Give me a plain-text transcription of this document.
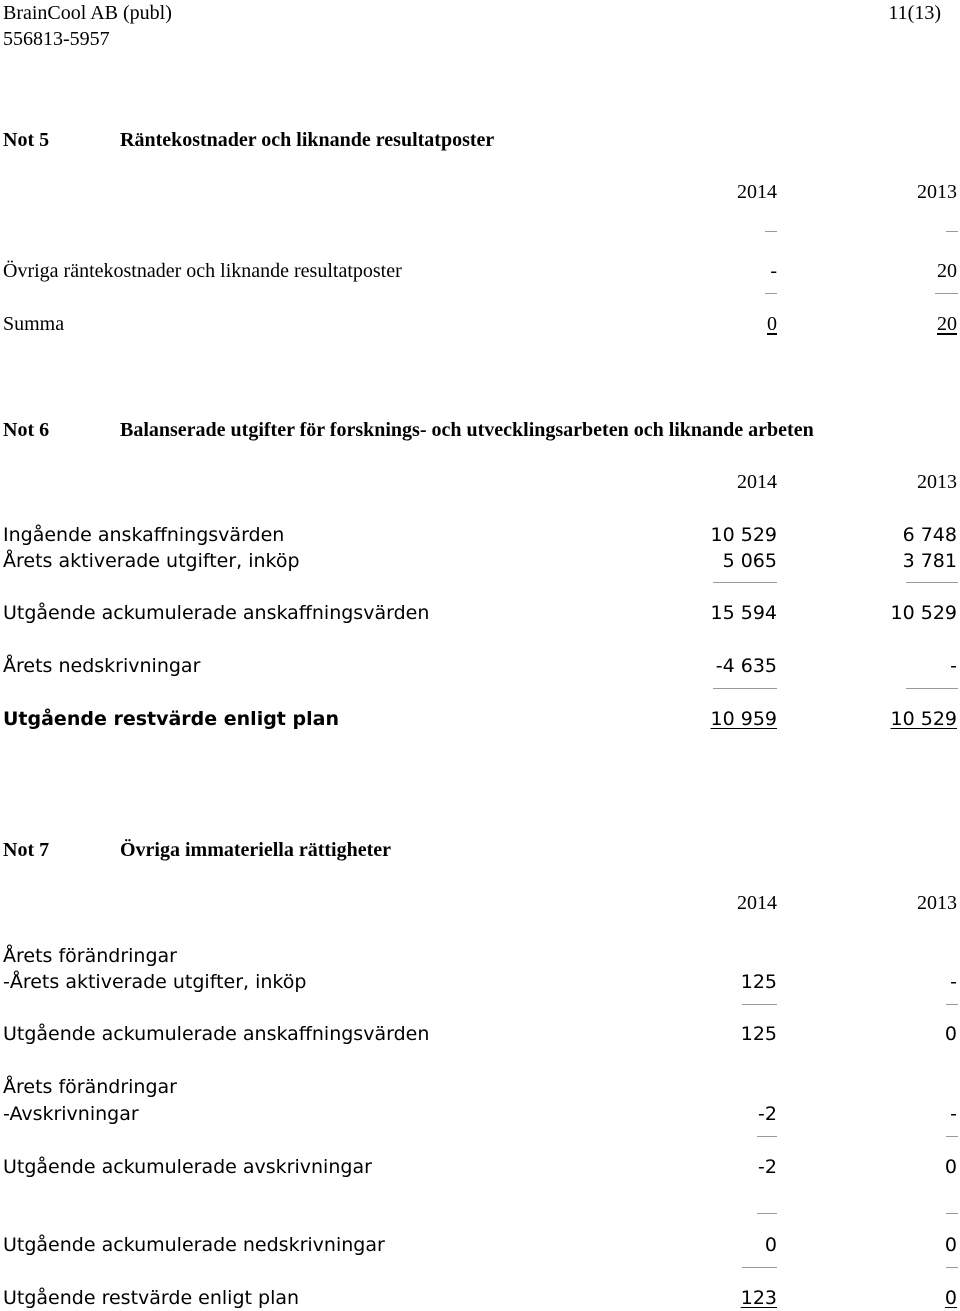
BrainCool AB (publ)
556813-5957
11(13)
Not 5	Räntekostnader och liknande resultatposter
2014	2013
Övriga räntekostnader och liknande resultatposter	-	20
Summa	0	20
Not 6	Balanserade utgifter för forsknings- och utvecklingsarbeten och liknande arbeten
2014	2013
Ingående anskaffningsvärden	10 529	6 748
Årets aktiverade utgifter, inköp	5 065	3 781
Utgående ackumulerade anskaffningsvärden	15 594	10 529
Årets nedskrivningar	-4 635	-
Utgående restvärde enligt plan	10 959	10 529
Not 7	Övriga immateriella rättigheter
2014	2013
Årets förändringar
-Årets aktiverade utgifter, inköp	125	-
Utgående ackumulerade anskaffningsvärden	125	0
Årets förändringar
-Avskrivningar	-2	-
Utgående ackumulerade avskrivningar	-2	0
Utgående ackumulerade nedskrivningar	0	0
Utgående restvärde enligt plan	123	0
